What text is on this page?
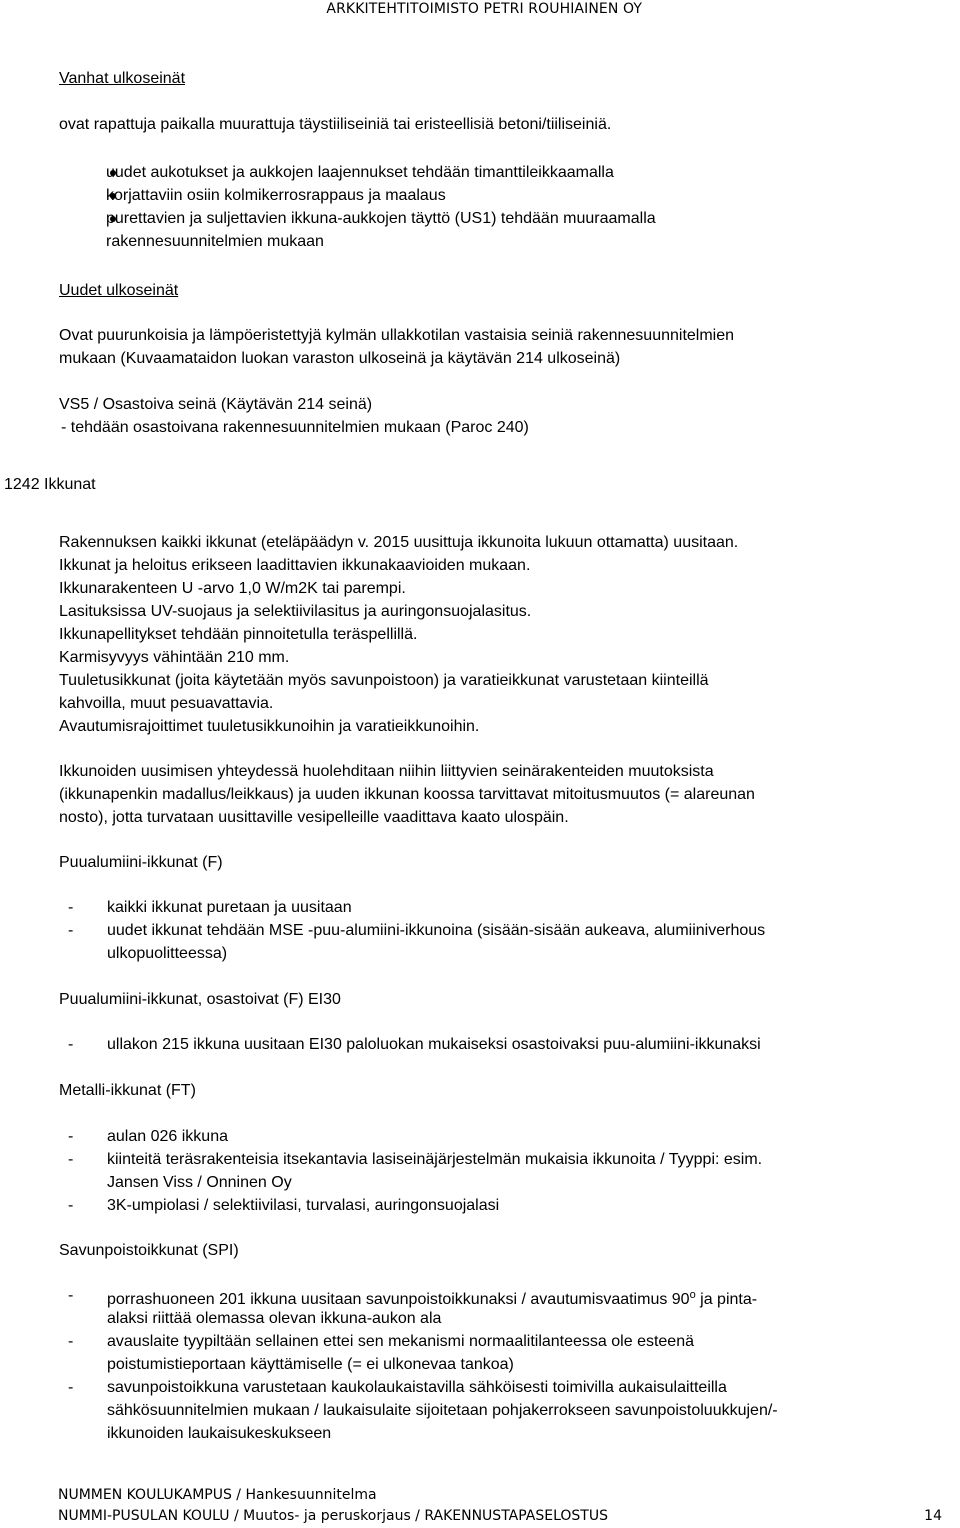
ARKKITEHTITOIMISTO PETRI ROUHIAINEN OY
Vanhat ulkoseinät
ovat rapattuja paikalla muurattuja täystiiliseiniä tai eristeellisiä betoni/tiiliseiniä.
uudet aukotukset ja aukkojen laajennukset tehdään timanttileikkaamalla
korjattaviin osiin kolmikerrosrappaus ja maalaus
purettavien ja suljettavien ikkuna-aukkojen täyttö (US1) tehdään muuraamalla
rakennesuunnitelmien mukaan
Uudet ulkoseinät
Ovat puurunkoisia ja lämpöeristettyjä kylmän ullakkotilan vastaisia seiniä rakennesuunnitelmien
mukaan (Kuvaamataidon luokan varaston ulkoseinä ja käytävän 214 ulkoseinä)
VS5 / Osastoiva seinä (Käytävän 214 seinä)
- tehdään osastoivana rakennesuunnitelmien mukaan (Paroc 240)
1242 Ikkunat
Rakennuksen kaikki ikkunat (eteläpäädyn v. 2015 uusittuja ikkunoita lukuun ottamatta) uusitaan.
Ikkunat ja heloitus erikseen laadittavien ikkunakaavioiden mukaan.
Ikkunarakenteen U -arvo 1,0 W/m2K tai parempi.
Lasituksissa UV-suojaus ja selektiivilasitus ja auringonsuojalasitus.
Ikkunapellitykset tehdään pinnoitetulla teräspellillä.
Karmisyvyys vähintään 210 mm.
Tuuletusikkunat (joita käytetään myös savunpoistoon) ja varatieikkunat varustetaan kiinteillä
kahvoilla, muut pesuavattavia.
Avautumisrajoittimet tuuletusikkunoihin ja varatieikkunoihin.
Ikkunoiden uusimisen yhteydessä huolehditaan niihin liittyvien seinärakenteiden muutoksista
(ikkunapenkin madallus/leikkaus) ja uuden ikkunan koossa tarvittavat mitoitusmuutos (= alareunan
nosto), jotta turvataan uusittaville vesipelleille vaadittava kaato ulospäin.
Puualumiini-ikkunat (F)
- kaikki ikkunat puretaan ja uusitaan
- uudet ikkunat tehdään MSE -puu-alumiini-ikkunoina (sisään-sisään aukeava, alumiiniverhous
ulkopuolitteessa)
Puualumiini-ikkunat, osastoivat (F) EI30
- ullakon 215 ikkuna uusitaan EI30 paloluokan mukaiseksi osastoivaksi puu-alumiini-ikkunaksi
Metalli-ikkunat (FT)
- aulan 026 ikkuna
- kiinteitä teräsrakenteisia itsekantavia lasiseinäjärjestelmän mukaisia ikkunoita / Tyyppi: esim.
Jansen Viss / Onninen Oy
- 3K-umpiolasi / selektiivilasi, turvalasi, auringonsuojalasi
Savunpoistoikkunat (SPI)
- porrashuoneen 201 ikkuna uusitaan savunpoistoikkunaksi / avautumisvaatimus 90$^o$ ja pinta-
alaksi riittää olemassa olevan ikkuna-aukon ala
- avauslaite tyypiltään sellainen ettei sen mekanismi normaalitilanteessa ole esteenä
poistumistieportaan käyttämiselle (= ei ulkonevaa tankoa)
- savunpoistoikkuna varustetaan kaukolaukaistavilla sähköisesti toimivilla aukaisulaitteilla
sähkösuunnitelmien mukaan / laukaisulaite sijoitetaan pohjakerrokseen savunpoistoluukkujen/-
ikkunoiden laukaisukeskukseen
NUMMEN KOULUKAMPUS / Hankesuunnitelma
NUMMI-PUSULAN KOULU / Muutos- ja peruskorjaus / RAKENNUSTAPASELOSTUS	14
